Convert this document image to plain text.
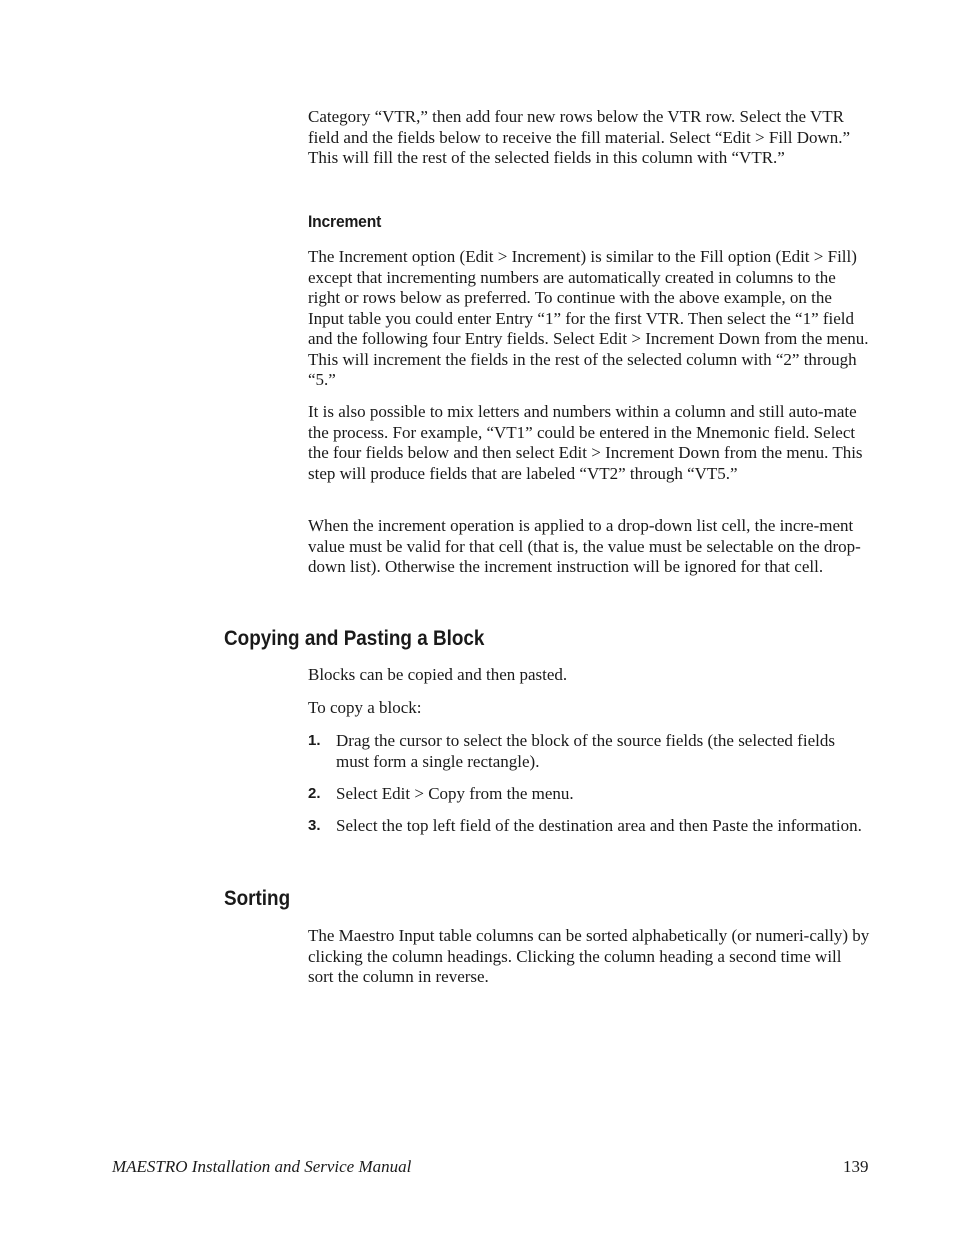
Category “VTR,” then add four new rows below the VTR row. Select the VTR field and the fields below to receive the fill material. Select “Edit > Fill Down.” This will fill the rest of the selected fields in this column with “VTR.”

Increment

The Increment option (Edit > Increment) is similar to the Fill option (Edit > Fill) except that incrementing numbers are automatically created in columns to the right or rows below as preferred. To continue with the above example, on the Input table you could enter Entry “1” for the first VTR. Then select the “1” field and the following four Entry fields. Select Edit > Increment Down from the menu. This will increment the fields in the rest of the selected column with “2” through “5.”

It is also possible to mix letters and numbers within a column and still auto-mate the process. For example, “VT1” could be entered in the Mnemonic field. Select the four fields below and then select Edit > Increment Down from the menu. This step will produce fields that are labeled “VT2” through “VT5.”

When the increment operation is applied to a drop-down list cell, the incre-ment value must be valid for that cell (that is, the value must be selectable on the drop-down list). Otherwise the increment instruction will be ignored for that cell.

Copying and Pasting a Block

Blocks can be copied and then pasted.

To copy a block:

1. Drag the cursor to select the block of the source fields (the selected fields must form a single rectangle).
2. Select Edit > Copy from the menu.
3. Select the top left field of the destination area and then Paste the information.
Sorting

The Maestro Input table columns can be sorted alphabetically (or numeri-cally) by clicking the column headings. Clicking the column heading a second time will sort the column in reverse.

MAESTRO Installation and Service Manual	139
